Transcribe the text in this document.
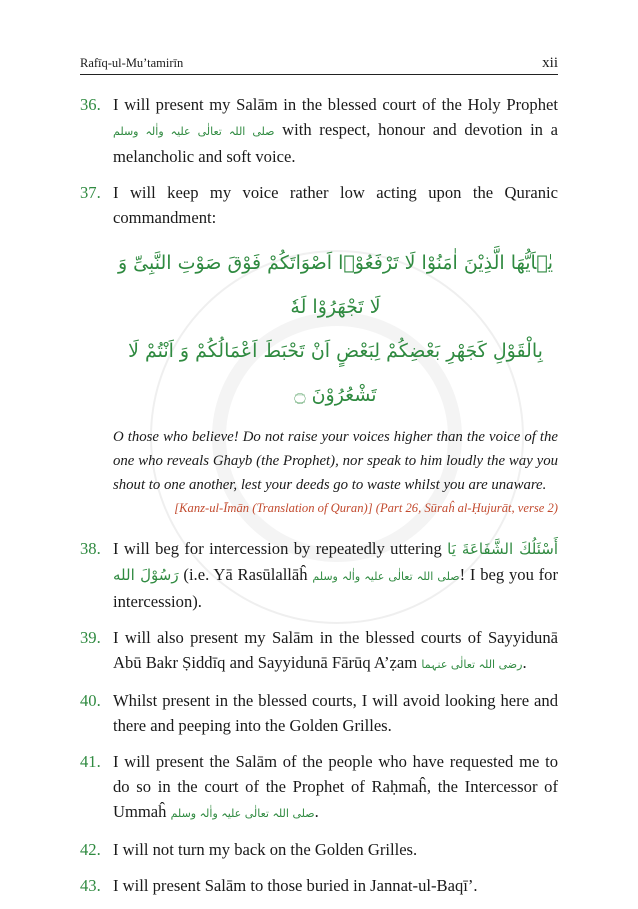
Rafīq-ul-Mu’tamirīn	xii
36. I will present my Salām in the blessed court of the Holy Prophet صلی اللہ تعالٰی علیہ واٰلہ وسلم with respect, honour and devotion in a melancholic and soft voice.
37. I will keep my voice rather low acting upon the Quranic commandment:
يٰۤاَیُّهَا الَّذِیْنَ اٰمَنُوْا لَا تَرْفَعُوْۤا اَصْوَاتَكُمْ فَوْقَ صَوْتِ النَّبِیِّ وَ لَا تَجْهَرُوْا لَهٗ
بِالْقَوْلِ كَجَهْرِ بَعْضِكُمْ لِبَعْضٍ اَنْ تَحْبَطَ اَعْمَالُكُمْ وَ اَنْتُمْ لَا تَشْعُرُوْنَ ۝
O those who believe! Do not raise your voices higher than the voice of the one who reveals Ghayb (the Prophet), nor speak to him loudly the way you shout to one another, lest your deeds go to waste whilst you are unaware.
[Kanz-ul-Īmān (Translation of Quran)] (Part 26, Sūraĥ al-Ḥujurāt, verse 2)
38. I will beg for intercession by repeatedly uttering أَسْئَلُكَ الشَّفَاعَةَ يَا رَسُوْلَ الله (i.e. Yā Rasūlallāĥ صلی اللہ تعالٰی علیہ واٰلہ وسلم! I beg you for intercession).
39. I will also present my Salām in the blessed courts of Sayyidunā Abū Bakr Ṣiddīq and Sayyidunā Fārūq A’ẓam رضی اللہ تعالٰی عنہما.
40. Whilst present in the blessed courts, I will avoid looking here and there and peeping into the Golden Grilles.
41. I will present the Salām of the people who have requested me to do so in the court of the Prophet of Raḥmaĥ, the Intercessor of Ummaĥ صلی اللہ تعالٰی علیہ واٰلہ وسلم.
42. I will not turn my back on the Golden Grilles.
43. I will present Salām to those buried in Jannat-ul-Baqī’.
